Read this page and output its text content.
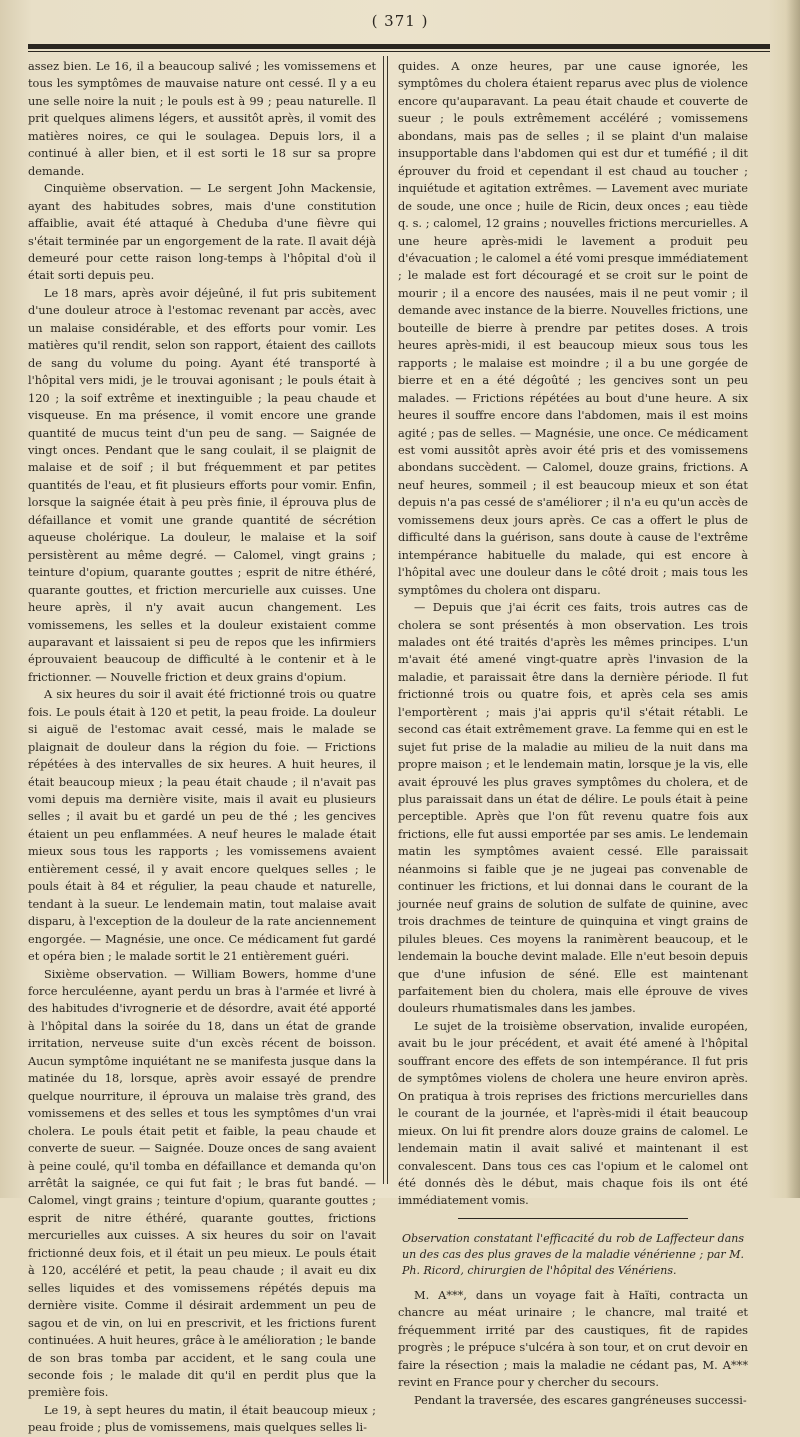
( 371 )

assez bien. Le 16, il a beaucoup salivé ; les vomissemens et tous les symptômes de mauvaise nature ont cessé. Il y a eu une selle noire la nuit ; le pouls est à 99 ; peau naturelle. Il prit quelques alimens légers, et aussitôt après, il vomit des matières noires, ce qui le soulagea. Depuis lors, il a continué à aller bien, et il est sorti le 18 sur sa propre demande.

Cinquième observation. — Le sergent John Mackensie, ayant des habitudes sobres, mais d'une constitution affaiblie, avait été attaqué à Cheduba d'une fièvre qui s'était terminée par un engorgement de la rate. Il avait déjà demeuré pour cette raison long-temps à l'hôpital d'où il était sorti depuis peu.

Le 18 mars, après avoir déjeûné, il fut pris subitement d'une douleur atroce à l'estomac revenant par accès, avec un malaise considérable, et des efforts pour vomir. Les matières qu'il rendit, selon son rapport, étaient des caillots de sang du volume du poing. Ayant été transporté à l'hôpital vers midi, je le trouvai agonisant ; le pouls était à 120 ; la soif extrême et inextinguible ; la peau chaude et visqueuse. En ma présence, il vomit encore une grande quantité de mucus teint d'un peu de sang. — Saignée de vingt onces. Pendant que le sang coulait, il se plaignit de malaise et de soif ; il but fréquemment et par petites quantités de l'eau, et fit plusieurs efforts pour vomir. Enfin, lorsque la saignée était à peu près finie, il éprouva plus de défaillance et vomit une grande quantité de sécrétion aqueuse cholérique. La douleur, le malaise et la soif persistèrent au même degré. — Calomel, vingt grains ; teinture d'opium, quarante gouttes ; esprit de nitre éthéré, quarante gouttes, et friction mercurielle aux cuisses. Une heure après, il n'y avait aucun changement. Les vomissemens, les selles et la douleur existaient comme auparavant et laissaient si peu de repos que les infirmiers éprouvaient beaucoup de difficulté à le contenir et à le frictionner. — Nouvelle friction et deux grains d'opium.

A six heures du soir il avait été frictionné trois ou quatre fois. Le pouls était à 120 et petit, la peau froide. La douleur si aiguë de l'estomac avait cessé, mais le malade se plaignait de douleur dans la région du foie. — Frictions répétées à des intervalles de six heures. A huit heures, il était beaucoup mieux ; la peau était chaude ; il n'avait pas vomi depuis ma dernière visite, mais il avait eu plusieurs selles ; il avait bu et gardé un peu de thé ; les gencives étaient un peu enflammées. A neuf heures le malade était mieux sous tous les rapports ; les vomissemens avaient entièrement cessé, il y avait encore quelques selles ; le pouls était à 84 et régulier, la peau chaude et naturelle, tendant à la sueur. Le lendemain matin, tout malaise avait disparu, à l'exception de la douleur de la rate anciennement engorgée. — Magnésie, une once. Ce médicament fut gardé et opéra bien ; le malade sortit le 21 entièrement guéri.

Sixième observation. — William Bowers, homme d'une force herculéenne, ayant perdu un bras à l'armée et livré à des habitudes d'ivrognerie et de désordre, avait été apporté à l'hôpital dans la soirée du 18, dans un état de grande irritation, nerveuse suite d'un excès récent de boisson. Aucun symptôme inquiétant ne se manifesta jusque dans la matinée du 18, lorsque, après avoir essayé de prendre quelque nourriture, il éprouva un malaise très grand, des vomissemens et des selles et tous les symptômes d'un vrai cholera. Le pouls était petit et faible, la peau chaude et converte de sueur. — Saignée. Douze onces de sang avaient à peine coulé, qu'il tomba en défaillance et demanda qu'on arrêtât la saignée, ce qui fut fait ; le bras fut bandé. — Calomel, vingt grains ; teinture d'opium, quarante gouttes ; esprit de nitre éthéré, quarante gouttes, frictions mercurielles aux cuisses. A six heures du soir on l'avait frictionné deux fois, et il était un peu mieux. Le pouls était à 120, accéléré et petit, la peau chaude ; il avait eu dix selles liquides et des vomissemens répétés depuis ma dernière visite. Comme il désirait ardemment un peu de sagou et de vin, on lui en prescrivit, et les frictions furent continuées. A huit heures, grâce à le amélioration ; le bande de son bras tomba par accident, et le sang coula une seconde fois ; le malade dit qu'il en perdit plus que la première fois.

Le 19, à sept heures du matin, il était beaucoup mieux ; peau froide ; plus de vomissemens, mais quelques selles li-

quides. A onze heures, par une cause ignorée, les symptômes du cholera étaient reparus avec plus de violence encore qu'auparavant. La peau était chaude et couverte de sueur ; le pouls extrêmement accéléré ; vomissemens abondans, mais pas de selles ; il se plaint d'un malaise insupportable dans l'abdomen qui est dur et tuméfié ; il dit éprouver du froid et cependant il est chaud au toucher ; inquiétude et agitation extrêmes. — Lavement avec muriate de soude, une once ; huile de Ricin, deux onces ; eau tiède q. s. ; calomel, 12 grains ; nouvelles frictions mercurielles. A une heure après-midi le lavement a produit peu d'évacuation ; le calomel a été vomi presque immédiatement ; le malade est fort découragé et se croit sur le point de mourir ; il a encore des nausées, mais il ne peut vomir ; il demande avec instance de la bierre. Nouvelles frictions, une bouteille de bierre à prendre par petites doses. A trois heures après-midi, il est beaucoup mieux sous tous les rapports ; le malaise est moindre ; il a bu une gorgée de bierre et en a été dégoûté ; les gencives sont un peu malades. — Frictions répétées au bout d'une heure. A six heures il souffre encore dans l'abdomen, mais il est moins agité ; pas de selles. — Magnésie, une once. Ce médicament est vomi aussitôt après avoir été pris et des vomissemens abondans succèdent. — Calomel, douze grains, frictions. A neuf heures, sommeil ; il est beaucoup mieux et son état depuis n'a pas cessé de s'améliorer ; il n'a eu qu'un accès de vomissemens deux jours après. Ce cas a offert le plus de difficulté dans la guérison, sans doute à cause de l'extrême intempérance habituelle du malade, qui est encore à l'hôpital avec une douleur dans le côté droit ; mais tous les symptômes du cholera ont disparu.

— Depuis que j'ai écrit ces faits, trois autres cas de cholera se sont présentés à mon observation. Les trois malades ont été traités d'après les mêmes principes. L'un m'avait été amené vingt-quatre après l'invasion de la maladie, et paraissait être dans la dernière période. Il fut frictionné trois ou quatre fois, et après cela ses amis l'emportèrent ; mais j'ai appris qu'il s'était rétabli. Le second cas était extrêmement grave. La femme qui en est le sujet fut prise de la maladie au milieu de la nuit dans ma propre maison ; et le lendemain matin, lorsque je la vis, elle avait éprouvé les plus graves symptômes du cholera, et de plus paraissait dans un état de délire. Le pouls était à peine perceptible. Après que l'on fût revenu quatre fois aux frictions, elle fut aussi emportée par ses amis. Le lendemain matin les symptômes avaient cessé. Elle paraissait néanmoins si faible que je ne jugeai pas convenable de continuer les frictions, et lui donnai dans le courant de la journée neuf grains de solution de sulfate de quinine, avec trois drachmes de teinture de quinquina et vingt grains de pilules bleues. Ces moyens la ranimèrent beaucoup, et le lendemain la bouche devint malade. Elle n'eut besoin depuis que d'une infusion de séné. Elle est maintenant parfaitement bien du cholera, mais elle éprouve de vives douleurs rhumatismales dans les jambes.

Le sujet de la troisième observation, invalide européen, avait bu le jour précédent, et avait été amené à l'hôpital souffrant encore des effets de son intempérance. Il fut pris de symptômes violens de cholera une heure environ après. On pratiqua à trois reprises des frictions mercurielles dans le courant de la journée, et l'après-midi il était beaucoup mieux. On lui fit prendre alors douze grains de calomel. Le lendemain matin il avait salivé et maintenant il est convalescent. Dans tous ces cas l'opium et le calomel ont été donnés dès le début, mais chaque fois ils ont été immédiatement vomis.

Observation constatant l'efficacité du rob de Laffecteur dans un des cas des plus graves de la maladie vénérienne ; par M. Ph. Ricord, chirurgien de l'hôpital des Vénériens.

M. A***, dans un voyage fait à Haïti, contracta un chancre au méat urinaire ; le chancre, mal traité et fréquemment irrité par des caustiques, fit de rapides progrès ; le prépuce s'ulcéra à son tour, et on crut devoir en faire la résection ; mais la maladie ne cédant pas, M. A*** revint en France pour y chercher du secours.

Pendant la traversée, des escares gangréneuses successi-
